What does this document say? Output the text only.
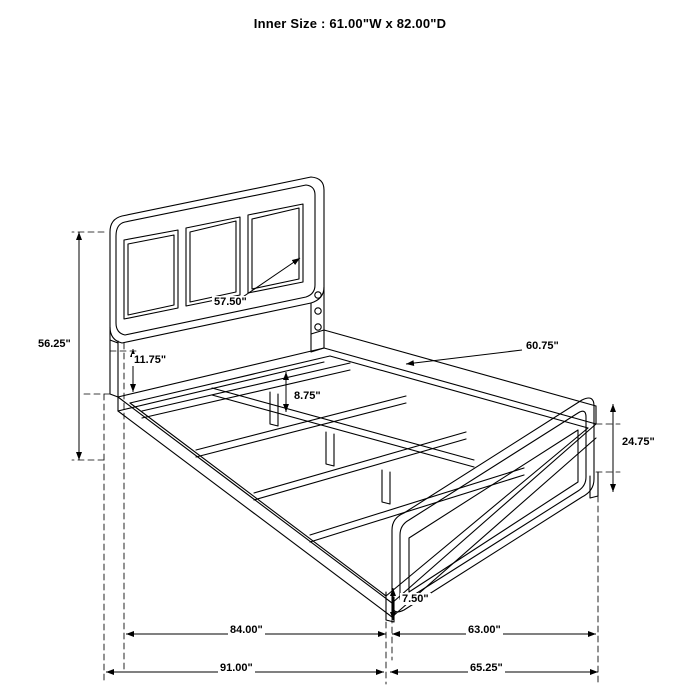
Inner Size : 61.00"W x 82.00"D
56.25"
57.50"
11.75"
8.75"
60.75"
24.75"
7.50"
84.00"	63.00"
91.00"	65.25"
